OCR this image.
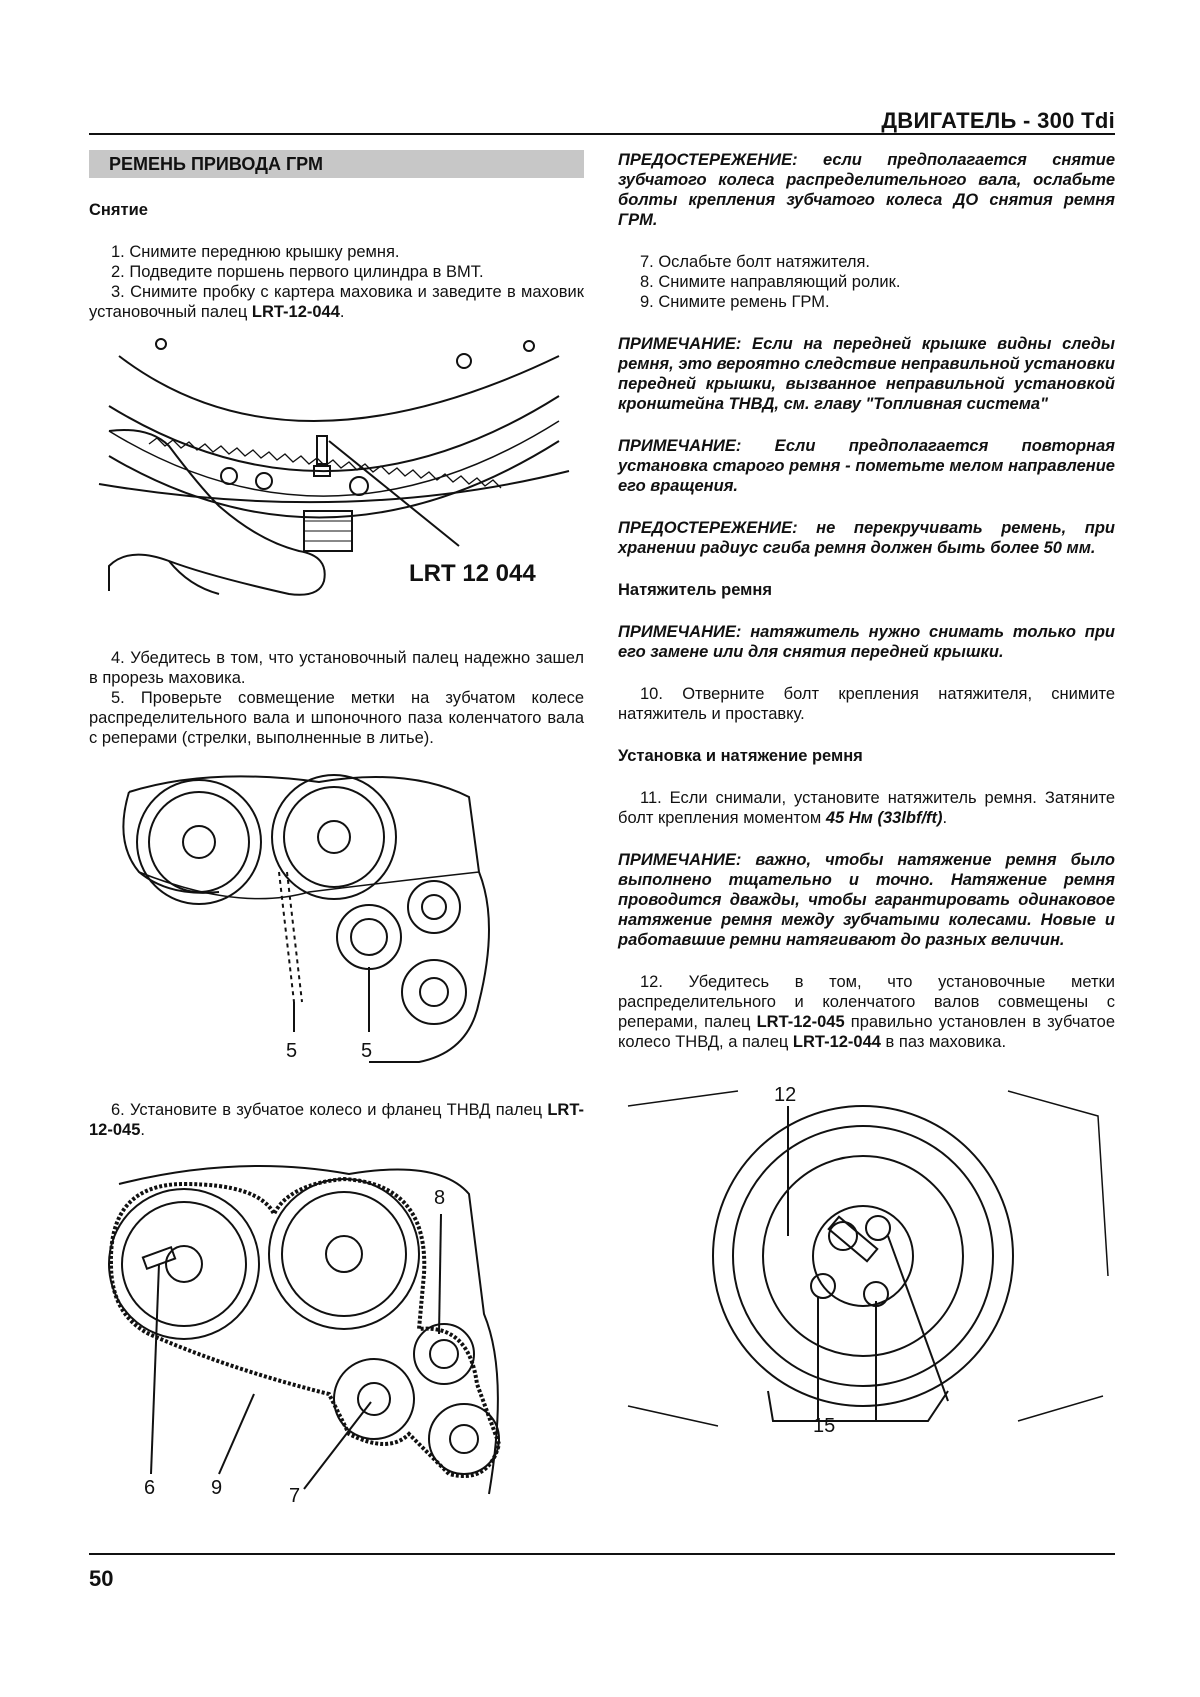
ДВИГАТЕЛЬ - 300 Tdi
РЕМЕНЬ ПРИВОДА ГРМ

Снятие

1. Снимите переднюю крышку ремня.

2. Подведите поршень первого цилиндра в ВМТ.

3. Снимите пробку с картера маховика и заведите в маховик установочный палец LRT-12-044.

LRT 12 044

4. Убедитесь в том, что установочный палец надежно зашел в прорезь маховика.

5. Проверьте совмещение метки на зубчатом колесе распределительного вала и шпоночного паза коленчатого вала с реперами (стрелки, выполненные в литье).

5	5

6. Установите в зубчатое колесо и фланец ТНВД палец LRT-12-045.

8
6	9	7

ПРЕДОСТЕРЕЖЕНИЕ: если предполагается снятие зубчатого колеса распределительного вала, ослабьте болты крепления зубчатого колеса ДО снятия ремня ГРМ.

7. Ослабьте болт натяжителя.

8. Снимите направляющий ролик.

9. Снимите ремень ГРМ.

ПРИМЕЧАНИЕ: Если на передней крышке видны следы ремня, это вероятно следствие неправильной установки передней крышки, вызванное неправильной установкой кронштейна ТНВД, см. главу "Топливная система"

ПРИМЕЧАНИЕ: Если предполагается повторная установка старого ремня - пометьте мелом направление его вращения.

ПРЕДОСТЕРЕЖЕНИЕ: не перекручивать ремень, при хранении радиус сгиба ремня должен быть более 50 мм.

Натяжитель ремня

ПРИМЕЧАНИЕ: натяжитель нужно снимать только при его замене или для снятия передней крышки.

10. Отверните болт крепления натяжителя, снимите натяжитель и проставку.

Установка и натяжение ремня

11. Если снимали, установите натяжитель ремня. Затяните болт крепления моментом 45 Нм (33lbf/ft).

ПРИМЕЧАНИЕ: важно, чтобы натяжение ремня было выполнено тщательно и точно. Натяжение ремня проводится дважды, чтобы гарантировать одинаковое натяжение ремня между зубчатыми колесами. Новые и работавшие ремни натягивают до разных величин.

12. Убедитесь в том, что установочные метки распределительного и коленчатого валов совмещены с реперами, палец LRT-12-045 правильно установлен в зубчатое колесо ТНВД, а палец LRT-12-044 в паз маховика.

12
15
50
